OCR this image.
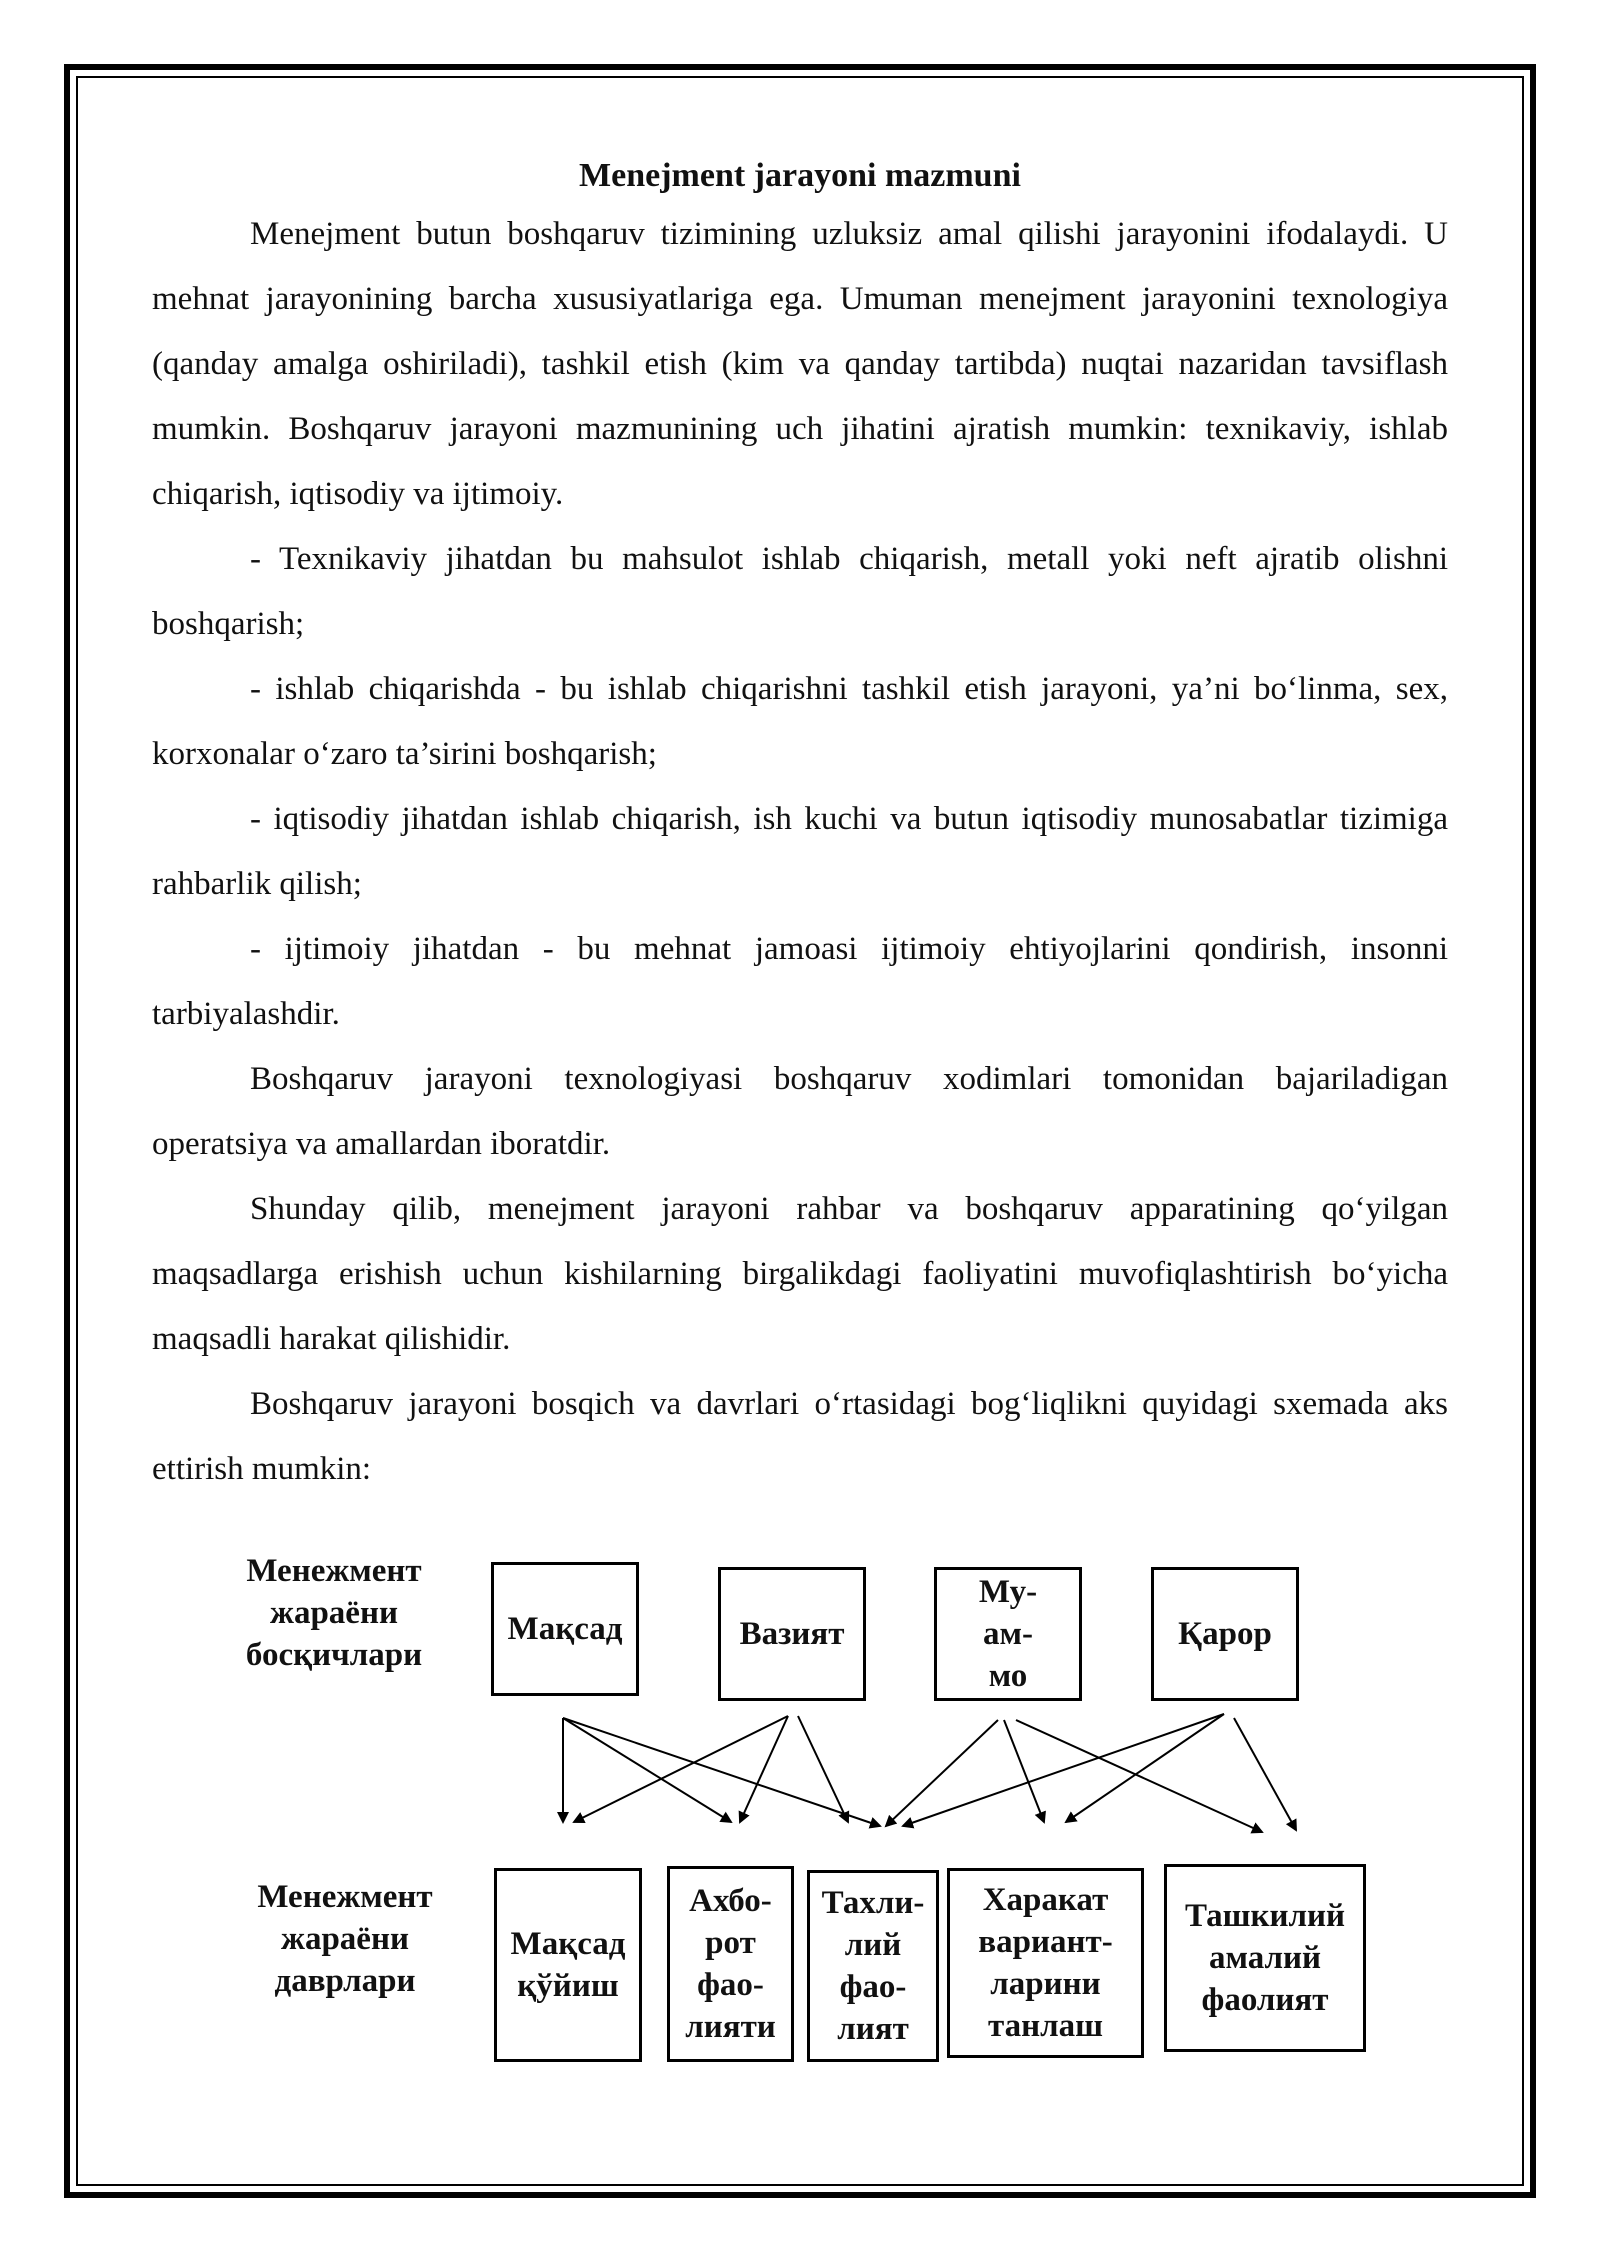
Menejment jarayoni mazmuni

Menejment butun boshqaruv tizimining uzluksiz amal qilishi jarayonini ifodalaydi. U mehnat jarayonining barcha xususiyatlariga ega. Umuman menejment jarayonini texnologiya (qanday amalga oshiriladi), tashkil etish (kim va qanday tartibda) nuqtai nazaridan tavsiflash mumkin. Boshqaruv jarayoni mazmunining uch jihatini ajratish mumkin: texnikaviy, ishlab chiqarish, iqtisodiy va ijtimoiy.

- Texnikaviy jihatdan bu mahsulot ishlab chiqarish, metall yoki neft ajratib olishni boshqarish;

- ishlab chiqarishda - bu ishlab chiqarishni tashkil etish jarayoni, ya’ni bo‘linma, sex, korxonalar o‘zaro ta’sirini boshqarish;

- iqtisodiy jihatdan ishlab chiqarish, ish kuchi va butun iqtisodiy munosabatlar tizimiga rahbarlik qilish;

- ijtimoiy jihatdan - bu mehnat jamoasi ijtimoiy ehtiyojlarini qondirish, insonni tarbiyalashdir.

Boshqaruv jarayoni texnologiyasi boshqaruv xodimlari tomonidan bajariladigan operatsiya va amallardan iboratdir.

Shunday qilib, menejment jarayoni rahbar va boshqaruv apparatining qo‘yilgan maqsadlarga erishish uchun kishilarning birgalikdagi faoliyatini muvofiqlashtirish bo‘yicha maqsadli harakat qilishidir.

Boshqaruv jarayoni bosqich va davrlari o‘rtasidagi bog‘liqlikni quyidagi sxemada aks ettirish mumkin:

Менежмент жараёни босқичлари
Менежмент жараёни даврлари
Мақсад	Вазият
Му-
ам-
мо
Қарор
Мақсад
қўйиш
Ахбо-
рот
фао-
лияти
Тахли-
лий
фао-
лият
Харакат
вариант-
ларини
танлаш
Ташкилий
амалий
фаолият
